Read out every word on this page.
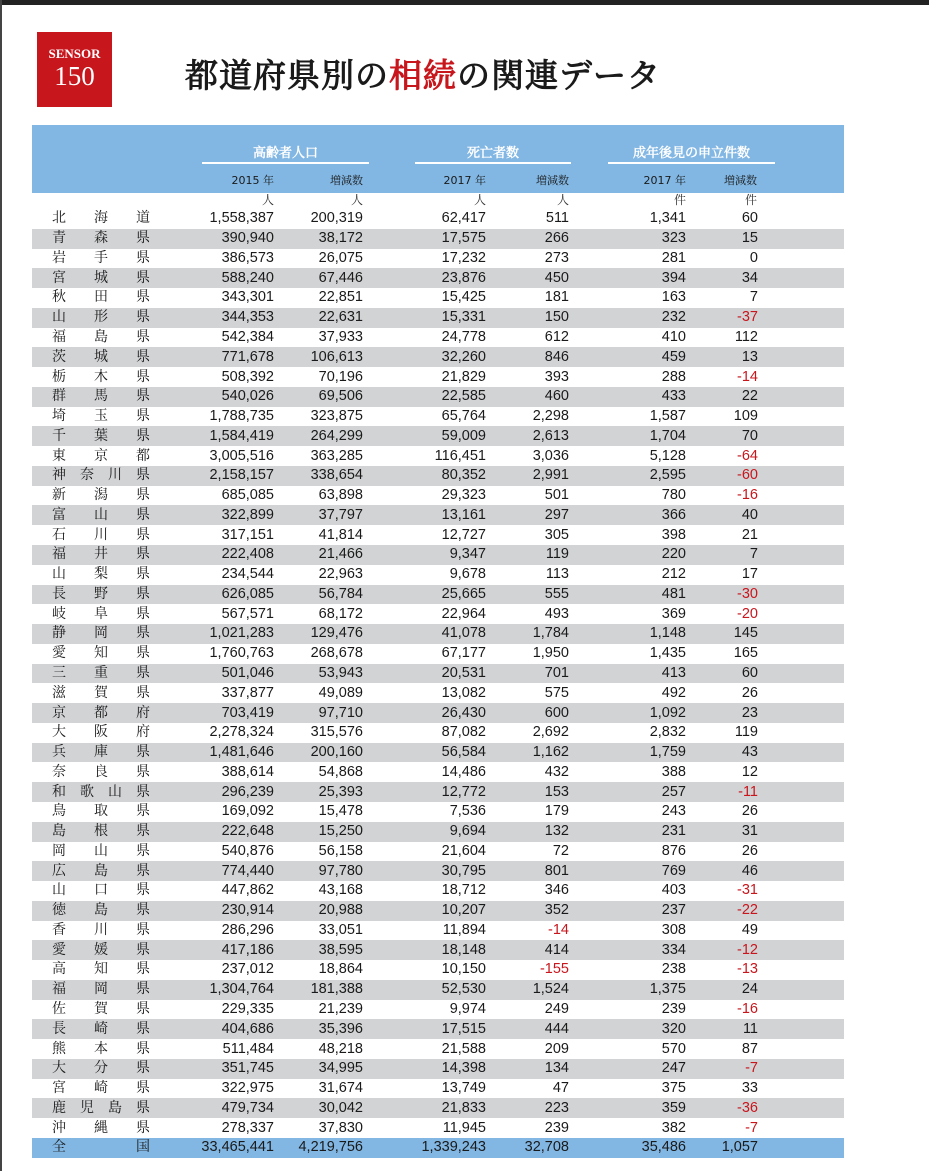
SENSOR
150	都道府県別の相続の関連データ
高齢者人口	死亡者数	成年後見の申立件数
2015 年	増減数	2017 年	増減数	2017 年	増減数
人	人	人	人	件	件
北 海 道	1,558,387	200,319	62,417	511	1,341	60	

青 森 県	390,940	38,172	17,575	266	323	15	

岩 手 県	386,573	26,075	17,232	273	281	0	

宮 城 県	588,240	67,446	23,876	450	394	34	

秋 田 県	343,301	22,851	15,425	181	163	7	

山 形 県	344,353	22,631	15,331	150	232	-37	

福 島 県	542,384	37,933	24,778	612	410	112	

茨 城 県	771,678	106,613	32,260	846	459	13	

栃 木 県	508,392	70,196	21,829	393	288	-14	

群 馬 県	540,026	69,506	22,585	460	433	22	

埼 玉 県	1,788,735	323,875	65,764	2,298	1,587	109	

千 葉 県	1,584,419	264,299	59,009	2,613	1,704	70	

東 京 都	3,005,516	363,285	116,451	3,036	5,128	-64	

神 奈 川 県	2,158,157	338,654	80,352	2,991	2,595	-60	

新 潟 県	685,085	63,898	29,323	501	780	-16	

富 山 県	322,899	37,797	13,161	297	366	40	

石 川 県	317,151	41,814	12,727	305	398	21	

福 井 県	222,408	21,466	9,347	119	220	7	

山 梨 県	234,544	22,963	9,678	113	212	17	

長 野 県	626,085	56,784	25,665	555	481	-30	

岐 阜 県	567,571	68,172	22,964	493	369	-20	

静 岡 県	1,021,283	129,476	41,078	1,784	1,148	145	

愛 知 県	1,760,763	268,678	67,177	1,950	1,435	165	

三 重 県	501,046	53,943	20,531	701	413	60	

滋 賀 県	337,877	49,089	13,082	575	492	26	

京 都 府	703,419	97,710	26,430	600	1,092	23	

大 阪 府	2,278,324	315,576	87,082	2,692	2,832	119	

兵 庫 県	1,481,646	200,160	56,584	1,162	1,759	43	

奈 良 県	388,614	54,868	14,486	432	388	12	

和 歌 山 県	296,239	25,393	12,772	153	257	-11	

鳥 取 県	169,092	15,478	7,536	179	243	26	

島 根 県	222,648	15,250	9,694	132	231	31	

岡 山 県	540,876	56,158	21,604	72	876	26	

広 島 県	774,440	97,780	30,795	801	769	46	

山 口 県	447,862	43,168	18,712	346	403	-31	

徳 島 県	230,914	20,988	10,207	352	237	-22	

香 川 県	286,296	33,051	11,894	-14	308	49	

愛 媛 県	417,186	38,595	18,148	414	334	-12	

高 知 県	237,012	18,864	10,150	-155	238	-13	

福 岡 県	1,304,764	181,388	52,530	1,524	1,375	24	

佐 賀 県	229,335	21,239	9,974	249	239	-16	

長 崎 県	404,686	35,396	17,515	444	320	11	

熊 本 県	511,484	48,218	21,588	209	570	87	

大 分 県	351,745	34,995	14,398	134	247	-7	

宮 崎 県	322,975	31,674	13,749	47	375	33	

鹿 児 島 県	479,734	30,042	21,833	223	359	-36	

沖 縄 県	278,337	37,830	11,945	239	382	-7	

全 国	33,465,441	4,219,756	1,339,243	32,708	35,486	1,057	
